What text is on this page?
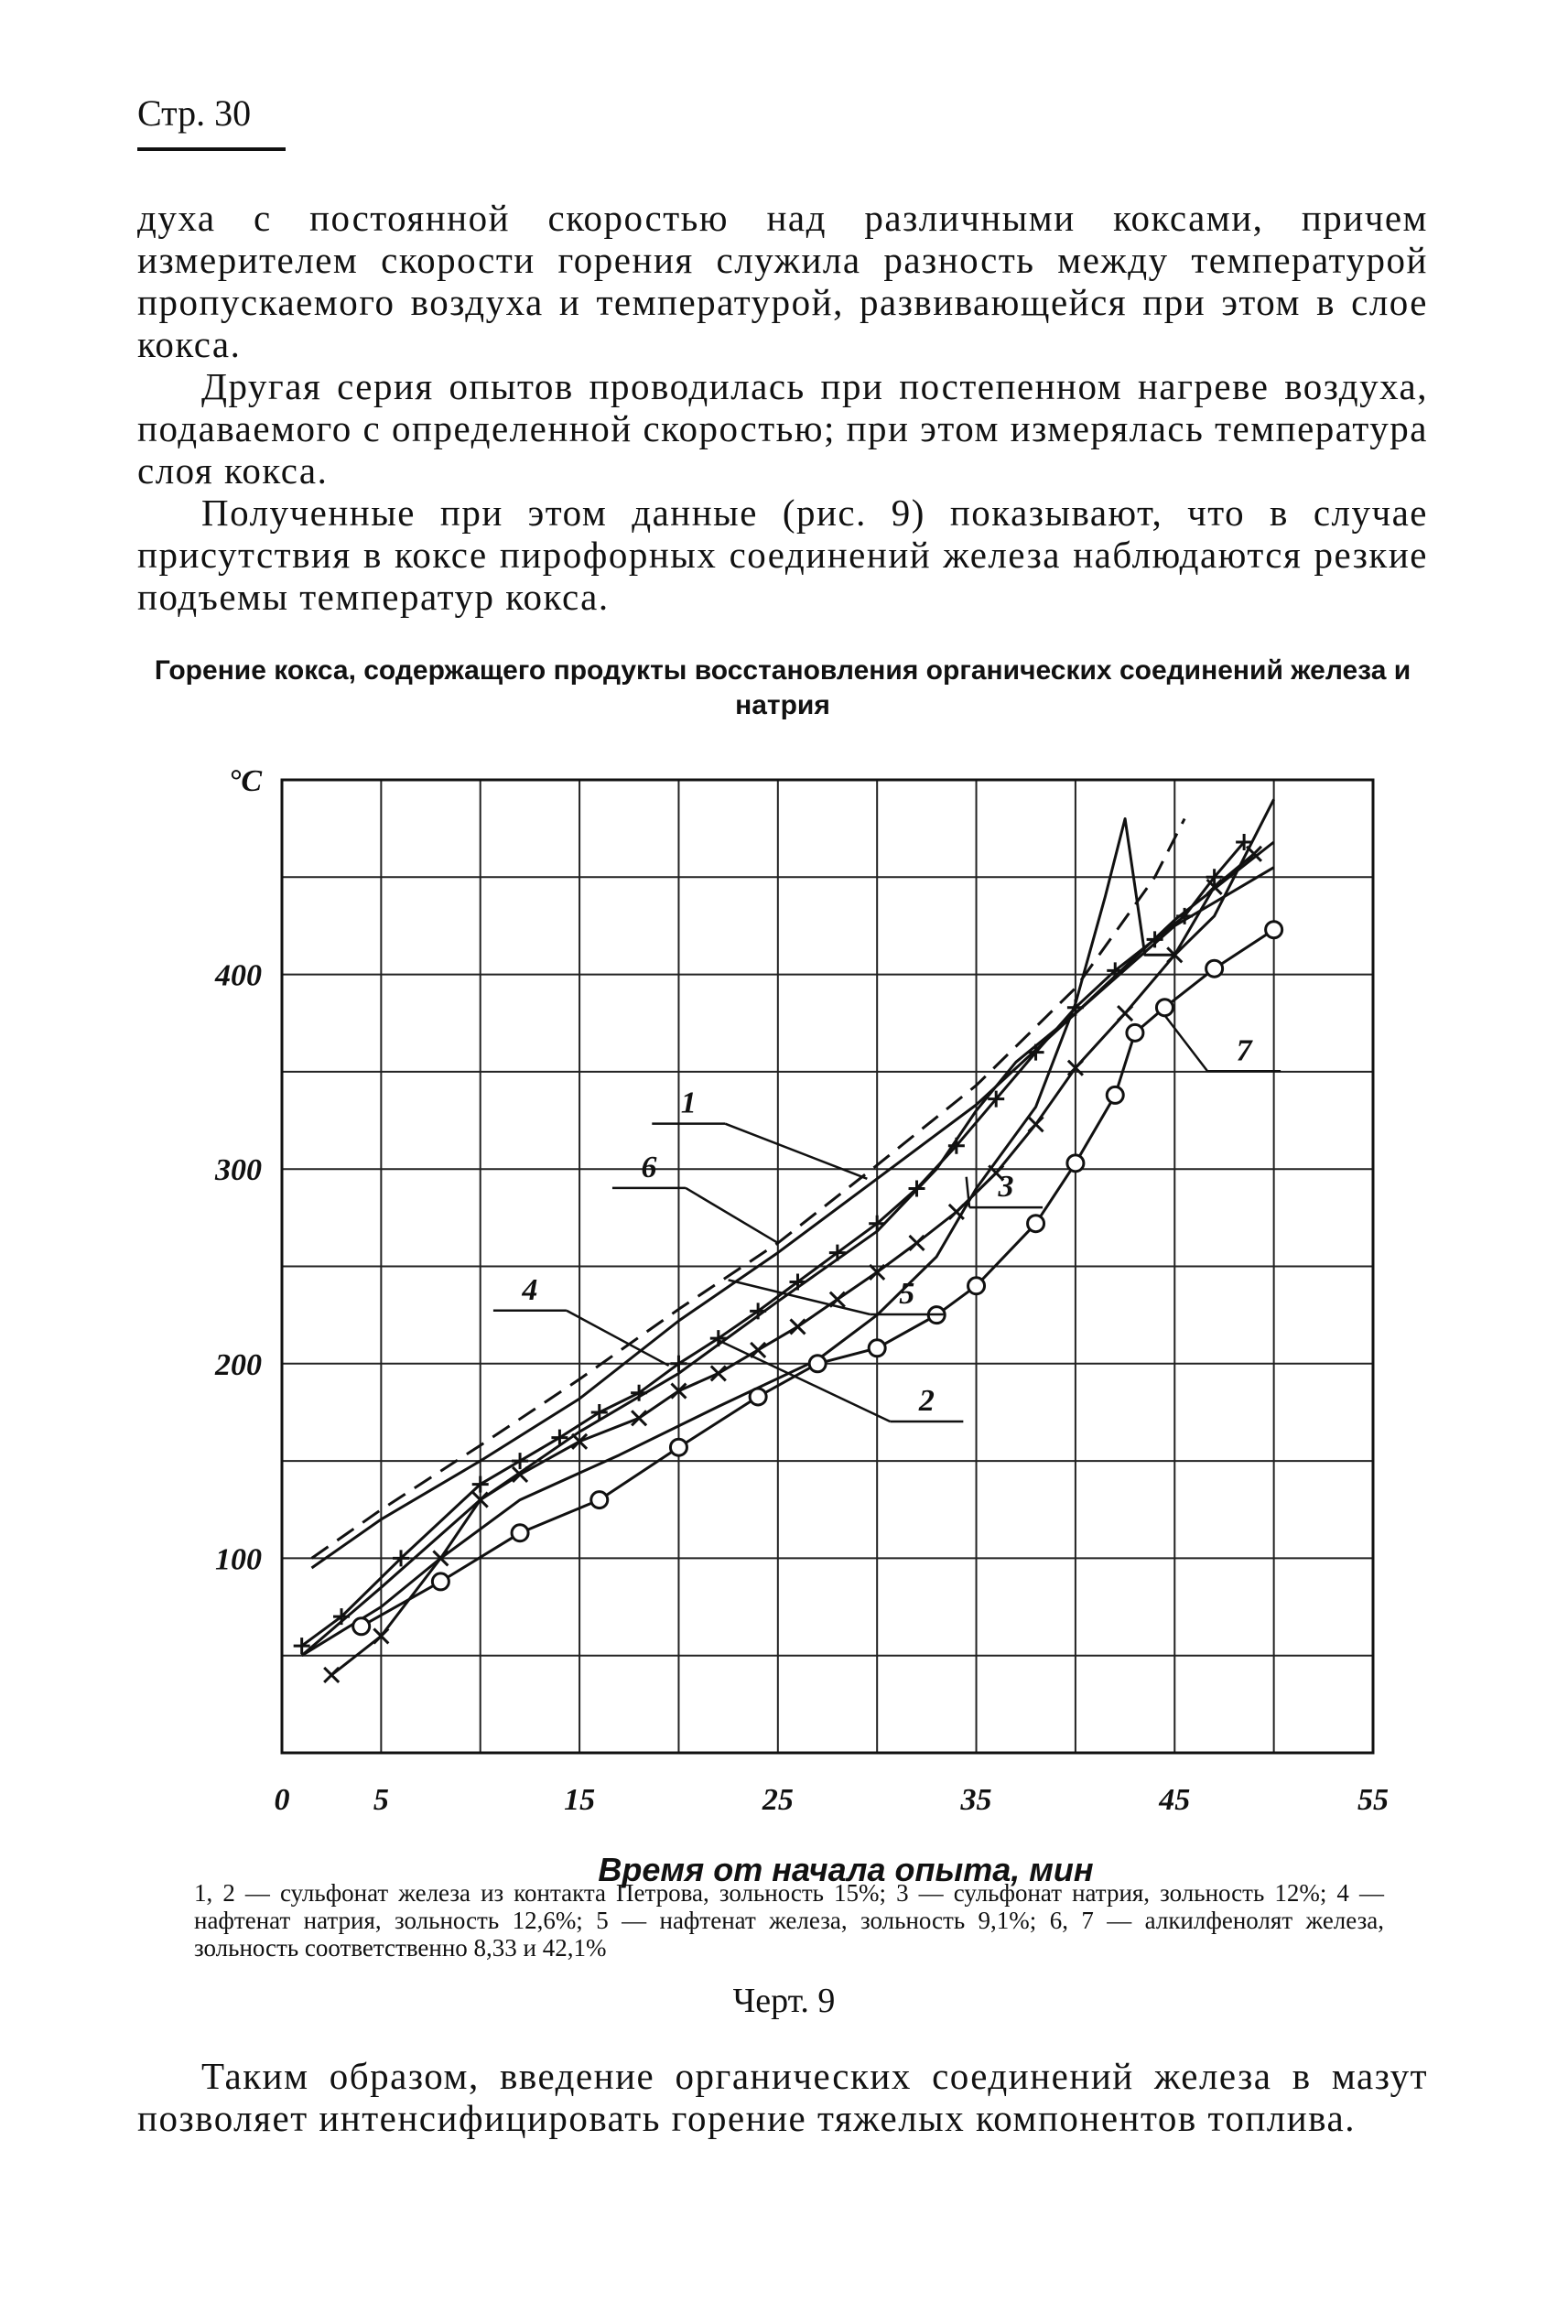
Стр. 30

духа с постоянной скоростью над различными коксами, причем измерителем скорости горения служила разность между температурой пропускаемого воздуха и температурой, развивающейся при этом в слое кокса.

Другая серия опытов проводилась при постепенном нагреве воздуха, подаваемого с определенной скоростью; при этом измерялась температура слоя кокса.

Полученные при этом данные (рис. 9) показывают, что в случае присутствия в коксе пирофорных соединений железа наблюдаются резкие подъемы температур кокса.

Горение кокса, содержащего продукты восстановления органических соединений железа и натрия
1
2
3
4	5
6
7
0	5	15	25	35	45	55
100
200
300
400
°C
Время от начала опыта, мин
1, 2 — сульфонат железа из контакта Петрова, зольность 15%; 3 — сульфонат натрия, зольность 12%; 4 — нафтенат натрия, зольность 12,6%; 5 — нафтенат железа, зольность 9,1%; 6, 7 — алкилфенолят железа, зольность соответственно 8,33 и 42,1%
Черт. 9

Таким образом, введение органических соединений железа в мазут позволяет интенсифицировать горение тяжелых компонентов топлива.
